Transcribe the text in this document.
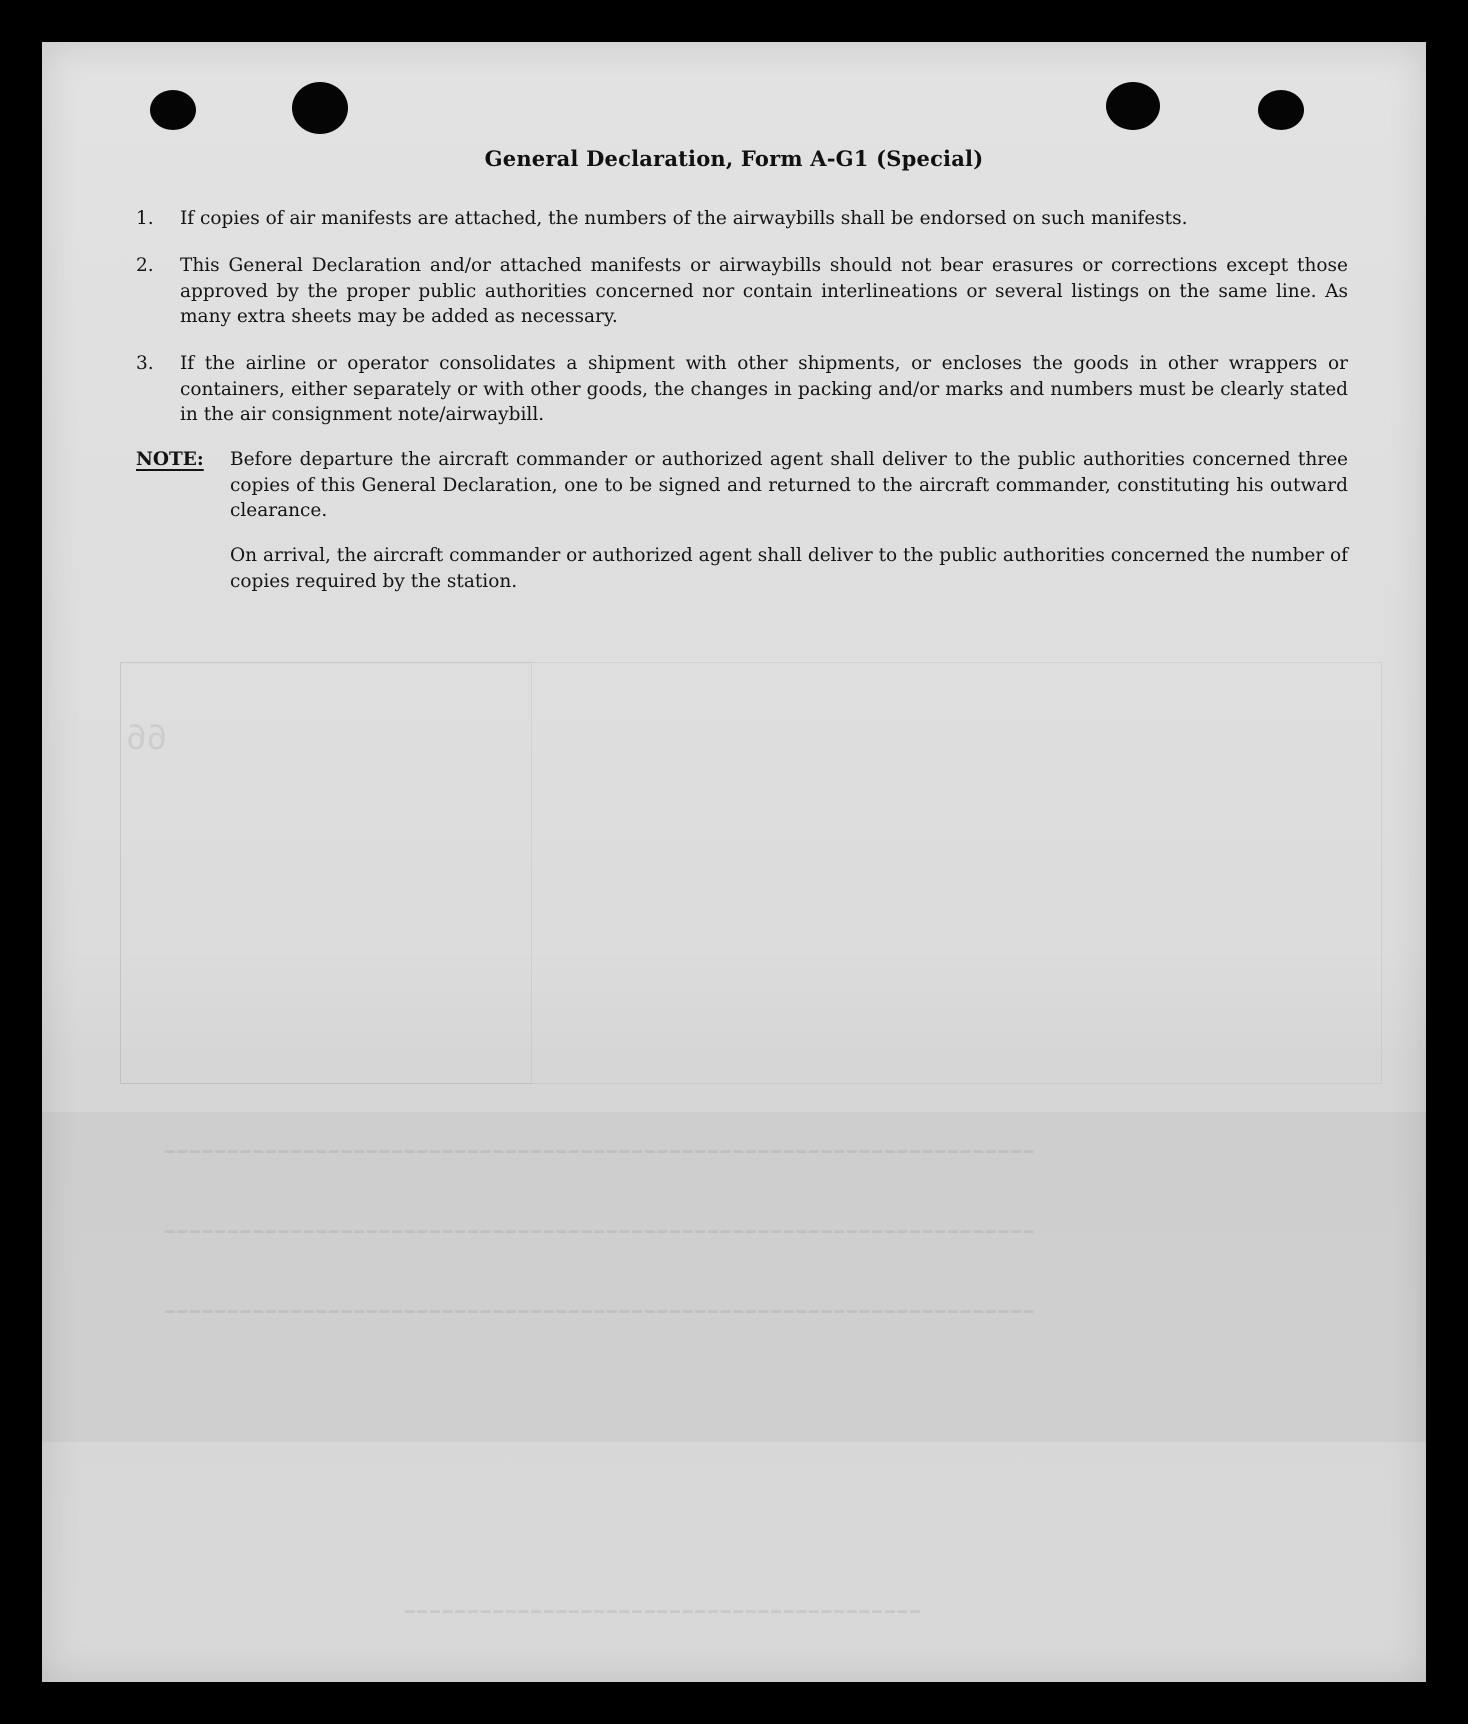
66
━━━━━━━━━━━━━━━━━━━━━━━━━━━━━━━━━━━━━━━━━━━━━━━━━━━━━━━━━━━━━━━━━━━━━
━━━━━━━━━━━━━━━━━━━━━━━━━━━━━━━━━━━━━━━━━━━━━━━━━━━━━━━━━━━━━━━━━━━━━
━━━━━━━━━━━━━━━━━━━━━━━━━━━━━━━━━━━━━━━━━━━━━━━━━━━━━━━━━━━━━━━━━━━━━
━━━━━━━━━━━━━━━━━━━━━━━━━━━━━━━━━━━━━━━━━
General Declaration, Form A-G1 (Special)
1.	If copies of air manifests are attached, the numbers of the airwaybills shall be endorsed on such manifests.
2.	This General Declaration and/or attached manifests or airwaybills should not bear erasures or corrections except those approved by the proper public authorities concerned nor contain interlineations or several listings on the same line. As many extra sheets may be added as necessary.
3.	If the airline or operator consolidates a shipment with other shipments, or encloses the goods in other wrappers or containers, either separately or with other goods, the changes in packing and/or marks and numbers must be clearly stated in the air consignment note/airwaybill.
NOTE: Before departure the aircraft commander or authorized agent shall deliver to the public authorities concerned three copies of this General Declaration, one to be signed and returned to the aircraft commander, constituting his outward clearance.
On arrival, the aircraft commander or authorized agent shall deliver to the public authorities concerned the number of copies required by the station.
